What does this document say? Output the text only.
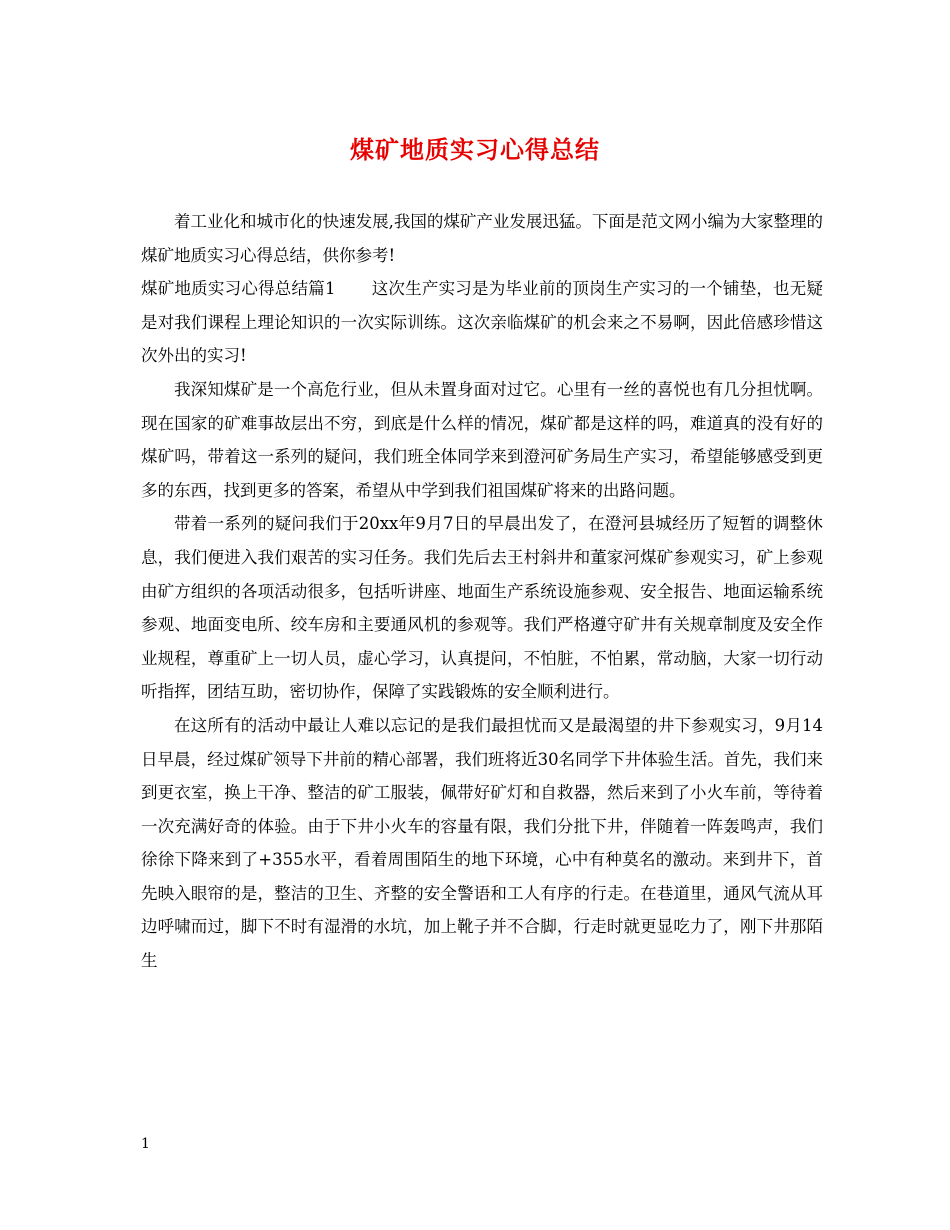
煤矿地质实习心得总结

着工业化和城市化的快速发展,我国的煤矿产业发展迅猛。下面是范文网小编为大家整理的煤矿地质实习心得总结，供你参考!

煤矿地质实习心得总结篇1 这次生产实习是为毕业前的顶岗生产实习的一个铺垫，也无疑是对我们课程上理论知识的一次实际训练。这次亲临煤矿的机会来之不易啊，因此倍感珍惜这次外出的实习!

我深知煤矿是一个高危行业，但从未置身面对过它。心里有一丝的喜悦也有几分担忧啊。现在国家的矿难事故层出不穷，到底是什么样的情况，煤矿都是这样的吗，难道真的没有好的煤矿吗，带着这一系列的疑问，我们班全体同学来到澄河矿务局生产实习，希望能够感受到更多的东西，找到更多的答案，希望从中学到我们祖国煤矿将来的出路问题。

带着一系列的疑问我们于20xx年9月7日的早晨出发了，在澄河县城经历了短暂的调整休息，我们便进入我们艰苦的实习任务。我们先后去王村斜井和董家河煤矿参观实习，矿上参观由矿方组织的各项活动很多，包括听讲座、地面生产系统设施参观、安全报告、地面运输系统参观、地面变电所、绞车房和主要通风机的参观等。我们严格遵守矿井有关规章制度及安全作业规程，尊重矿上一切人员，虚心学习，认真提问，不怕脏，不怕累，常动脑，大家一切行动听指挥，团结互助，密切协作，保障了实践锻炼的安全顺利进行。

在这所有的活动中最让人难以忘记的是我们最担忧而又是最渴望的井下参观实习，9月14日早晨，经过煤矿领导下井前的精心部署，我们班将近30名同学下井体验生活。首先，我们来到更衣室，换上干净、整洁的矿工服装，佩带好矿灯和自救器，然后来到了小火车前，等待着一次充满好奇的体验。由于下井小火车的容量有限，我们分批下井，伴随着一阵轰鸣声，我们徐徐下降来到了+355水平，看着周围陌生的地下环境，心中有种莫名的激动。来到井下，首先映入眼帘的是，整洁的卫生、齐整的安全警语和工人有序的行走。在巷道里，通风气流从耳边呼啸而过，脚下不时有湿滑的水坑，加上靴子并不合脚，行走时就更显吃力了，刚下井那陌生

1
